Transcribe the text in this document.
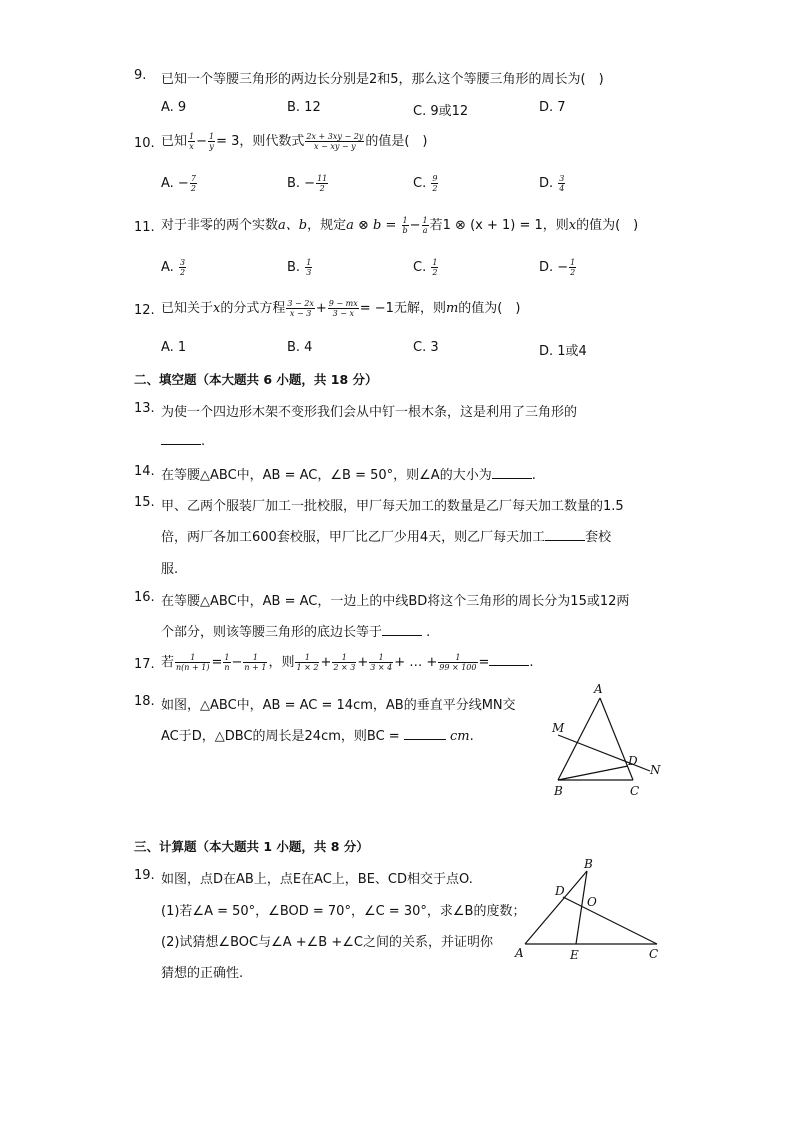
9. 已知一个等腰三角形的两边长分别是2和5，那么这个等腰三角形的周长为(　)
A. 9	B. 12	C. 9或12	D. 7
10. 已知 $\frac{1}{x} - \frac{1}{y} = 3$，则代数式 $\frac{2x + 3xy - 2y}{x - xy - y}$ 的值是(　)
A. − $\frac{7}{2}$	B. − $\frac{11}{2}$	C. $\frac{9}{2}$	D. $\frac{3}{4}$
11. 对于非零的两个实数a、b，规定a ⊗ $b = \frac{1}{b} - \frac{1}{a}$ 若1 ⊗ (x + 1) = 1，则x的值为(　)
A. $\frac{3}{2}$	B. $\frac{1}{3}$	C. $\frac{1}{2}$	D. − $\frac{1}{2}$
12. 已知关于x的分式方程 $\frac{3 - 2x}{x - 3} + \frac{9 - mx}{3 - x} = -1$无解，则m的值为(　)
A. 1	B. 4	C. 3	D. 1或4
二、填空题（本大题共 6 小题，共 18 分）
13. 为使一个四边形木架不变形我们会从中钉一根木条，这是利用了三角形的
.
14. 在等腰△ABC中，AB = AC，∠B = 50°，则∠A的大小为	.
15. 甲、乙两个服装厂加工一批校服，甲厂每天加工的数量是乙厂每天加工数量的1.5
倍，两厂各加工600套校服，甲厂比乙厂少用4天，则乙厂每天加工	套校
服.
16. 在等腰△ABC中，AB = AC，一边上的中线BD将这个三角形的周长分为15或12两
个部分，则该等腰三角形的底边长等于	.
17. 若 $\frac{1}{n(n + 1)} = \frac{1}{n} - \frac{1}{n + 1}$ ，则 $\frac{1}{1 \times 2} + \frac{1}{2 \times 3} + \frac{1}{3 \times 4}$ + … + $\frac{1}{99 \times 100}$ =	.
18. 如图，△ABC中，AB = AC = 14cm，AB的垂直平分线MN交
AC于D，△DBC的周长是24cm，则BC =	cm.
A
B	C
D
M
N
三、计算题（本大题共 1 小题，共 8 分）
19. 如图，点D在AB上，点E在AC上，BE、CD相交于点O.
(1)若∠A = 50°，∠BOD = 70°，∠C = 30°，求∠B的度数；
(2)试猜想∠BOC与∠A +∠B +∠C之间的关系，并证明你
猜想的正确性.
B
D
O
A	E	C
